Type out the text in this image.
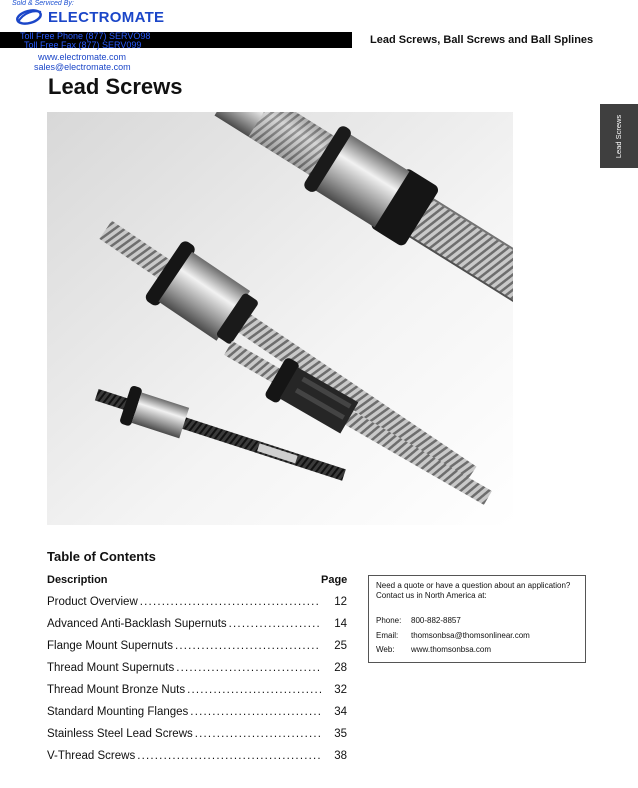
Sold & Serviced By:
ELECTROMATE
Toll Free Phone (877) SERVO98
Toll Free Fax (877) SERV099
www.electromate.com
sales@electromate.com
Lead Screws, Ball Screws and Ball Splines
Lead Screws
Lead Screws
Table of Contents
Description	Page
Product Overview .....	12
Advanced Anti-Backlash Supernuts .....	14
Flange Mount Supernuts .....	25
Thread Mount Supernuts .....	28
Thread Mount Bronze Nuts .....	32
Standard Mounting Flanges .....	34
Stainless Steel Lead Screws .....	35
V-Thread Screws .....	38
Need a quote or have a question about an application?
Contact us in North America at:
Phone: 800-882-8857
Email: thomsonbsa@thomsonlinear.com
Web: www.thomsonbsa.com
